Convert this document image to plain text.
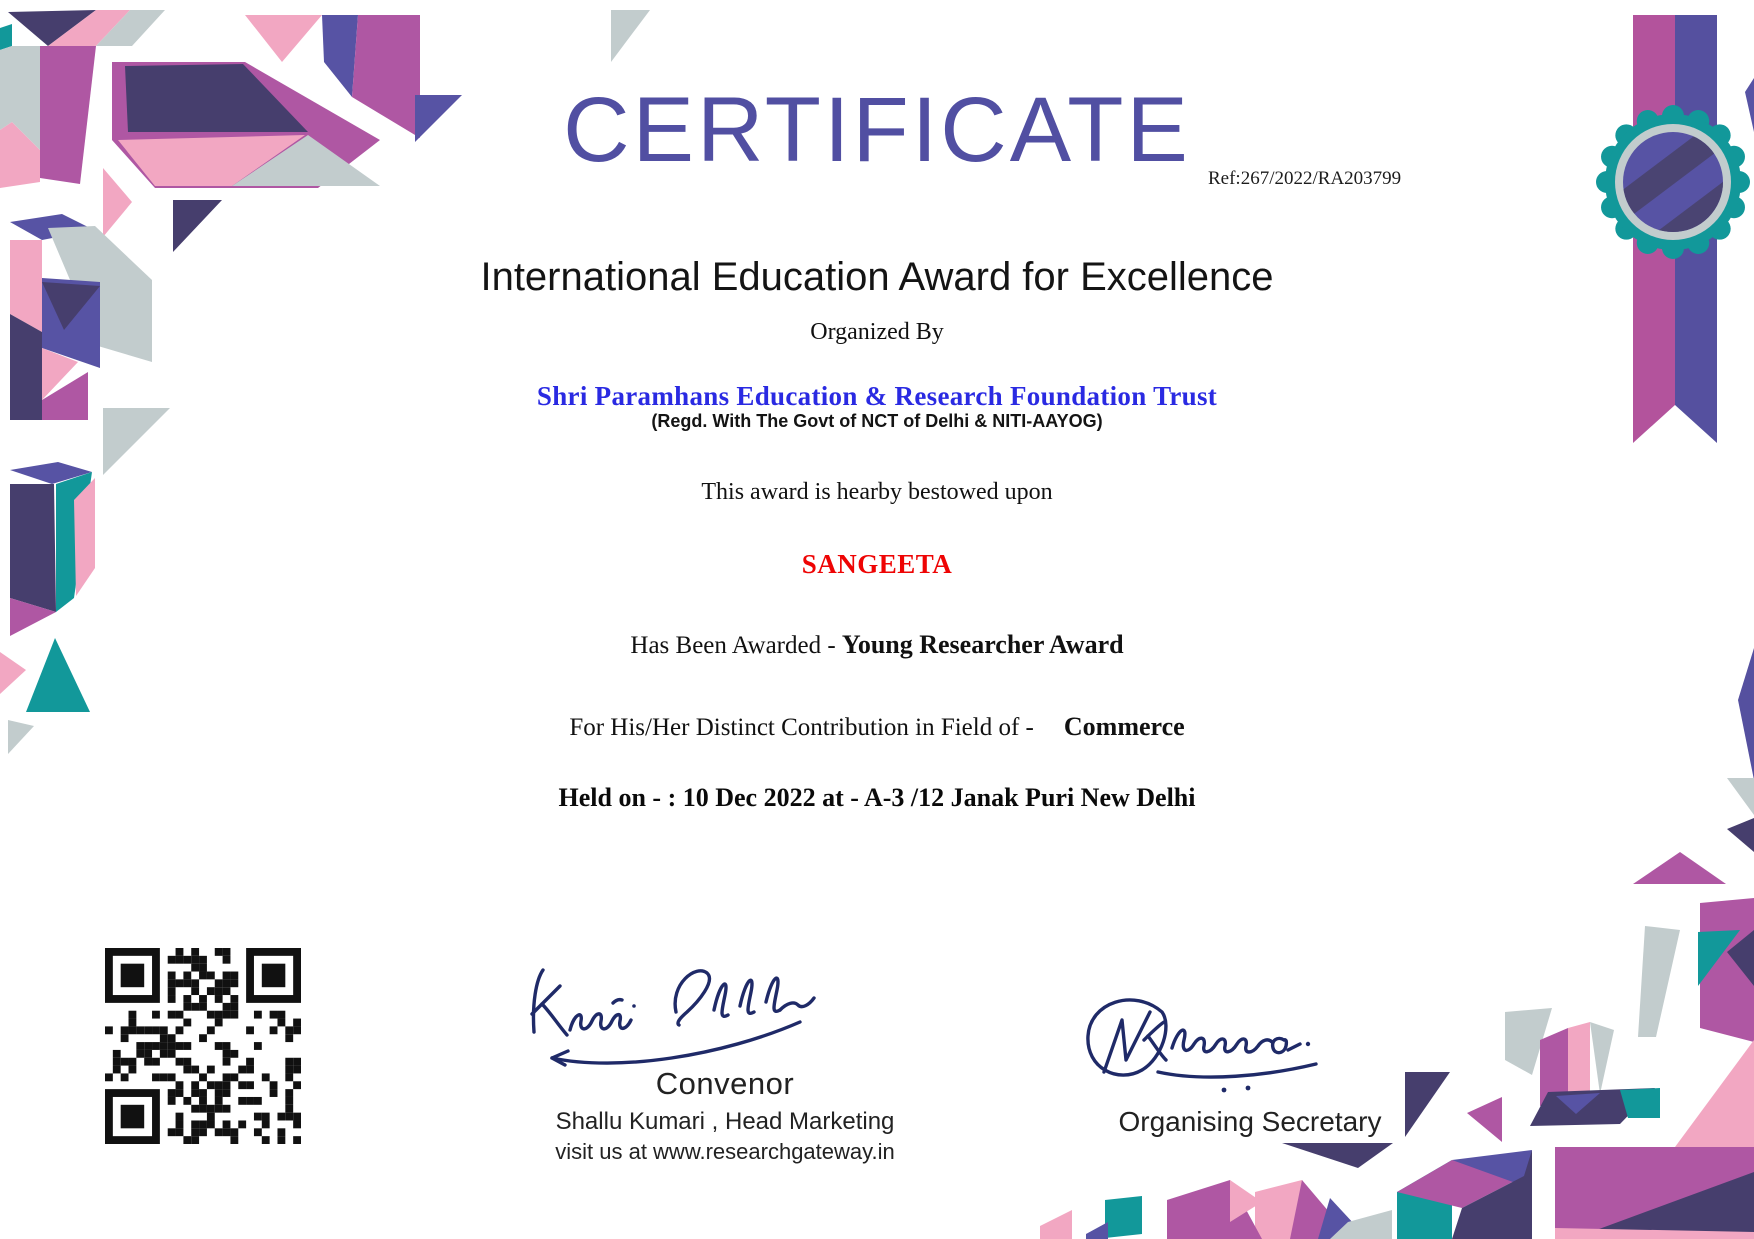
CERTIFICATE Ref:267/2022/RA203799
International Education Award for Excellence
Organized By
Shri Paramhans Education & Research Foundation Trust
(Regd. With The Govt of NCT of Delhi & NITI-AAYOG)
This award is hearby bestowed upon
SANGEETA
Has Been Awarded - Young Researcher Award
For His/Her Distinct Contribution in Field of - Commerce
Held on - : 10 Dec 2022 at - A-3 /12 Janak Puri New Delhi
Convenor
Shallu Kumari , Head Marketing
visit us at www.researchgateway.in
Organising Secretary
